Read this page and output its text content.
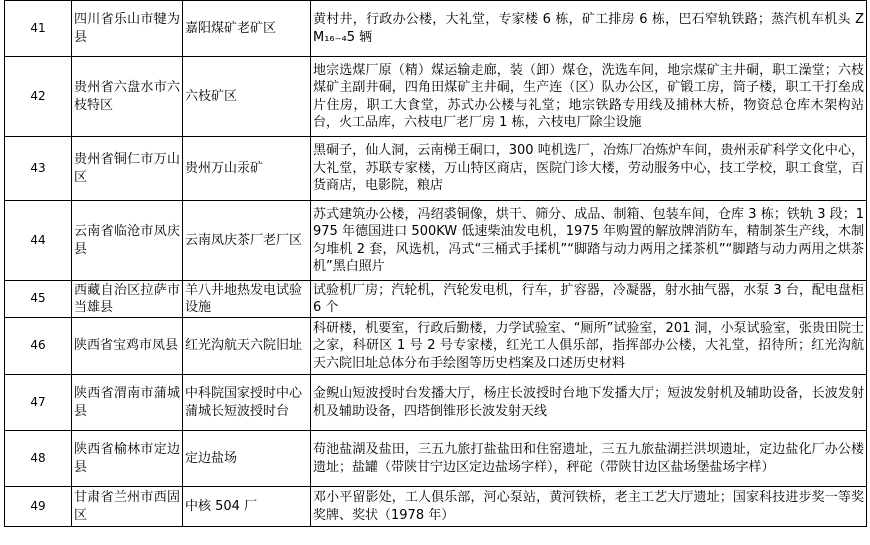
41	四川省乐山市犍为县	嘉阳煤矿老矿区	黄村井，行政办公楼，大礼堂，专家楼 6 栋，矿工排房 6 栋，巴石窄轨铁路；蒸汽机车机头 ZM₁₆₋₄5 辆
42	贵州省六盘水市六枝特区	六枝矿区	地宗选煤厂原（精）煤运输走廊，装（卸）煤仓，洗选车间，地宗煤矿主井硐，职工澡堂；六枝煤矿主副井硐，四角田煤矿主井硐，生产连（区）队办公区，矿锻工房，筒子楼，职工干打垒成片住房，职工大食堂，苏式办公楼与礼堂；地宗铁路专用线及捕林大桥，物资总仓库木架构站台，火工品库，六枝电厂老厂房 1 栋，六枝电厂除尘设施
43	贵州省铜仁市万山区	贵州万山汞矿	黑硐子，仙人洞，云南梯王硐口，300 吨机选厂，冶炼厂冶炼炉车间，贵州汞矿科学文化中心，大礼堂，苏联专家楼，万山特区商店，医院门诊大楼，劳动服务中心，技工学校，职工食堂，百货商店，电影院，粮店
44	云南省临沧市凤庆县	云南凤庆茶厂老厂区	苏式建筑办公楼，冯绍裘铜像，烘干、筛分、成品、制箱、包装车间，仓库 3 栋；铁轨 3 段；1975 年德国进口 500KW 低速柴油发电机，1975 年购置的解放牌消防车，精制茶生产线，木制匀堆机 2 套，风选机，冯式“三桶式手揉机”“脚踏与动力两用之揉茶机”“脚踏与动力两用之烘茶机”黑白照片
45	西藏自治区拉萨市当雄县	羊八井地热发电试验设施	试验机厂房；汽轮机，汽轮发电机，行车，扩容器，冷凝器，射水抽气器，水泵 3 台，配电盘柜 6 个
46	陕西省宝鸡市凤县	红光沟航天六院旧址	科研楼，机要室，行政后勤楼，力学试验室、“厕所”试验室，201 洞，小泵试验室，张贵田院士之家，科研区 1 号 2 号专家楼，红光工人俱乐部，指挥部办公楼，大礼堂，招待所；红光沟航天六院旧址总体分布手绘图等历史档案及口述历史材料
47	陕西省渭南市蒲城县	中科院国家授时中心蒲城长短波授时台	金鲵山短波授时台发播大厅，杨庄长波授时台地下发播大厅；短波发射机及辅助设备，长波发射机及辅助设备，四塔倒锥形长波发射天线
48	陕西省榆林市定边县	定边盐场	苟池盐湖及盐田，三五九旅打盐盐田和住窑遗址，三五九旅盐湖拦洪坝遗址，定边盐化厂办公楼遗址；盐罐（带陕甘宁边区定边盐场字样），秤砣（带陕甘边区盐场堡盐场字样）
49	甘肃省兰州市西固区	中核 504 厂	邓小平留影处，工人俱乐部，河心泵站，黄河铁桥，老主工艺大厅遗址；国家科技进步奖一等奖奖牌、奖状（1978 年）
